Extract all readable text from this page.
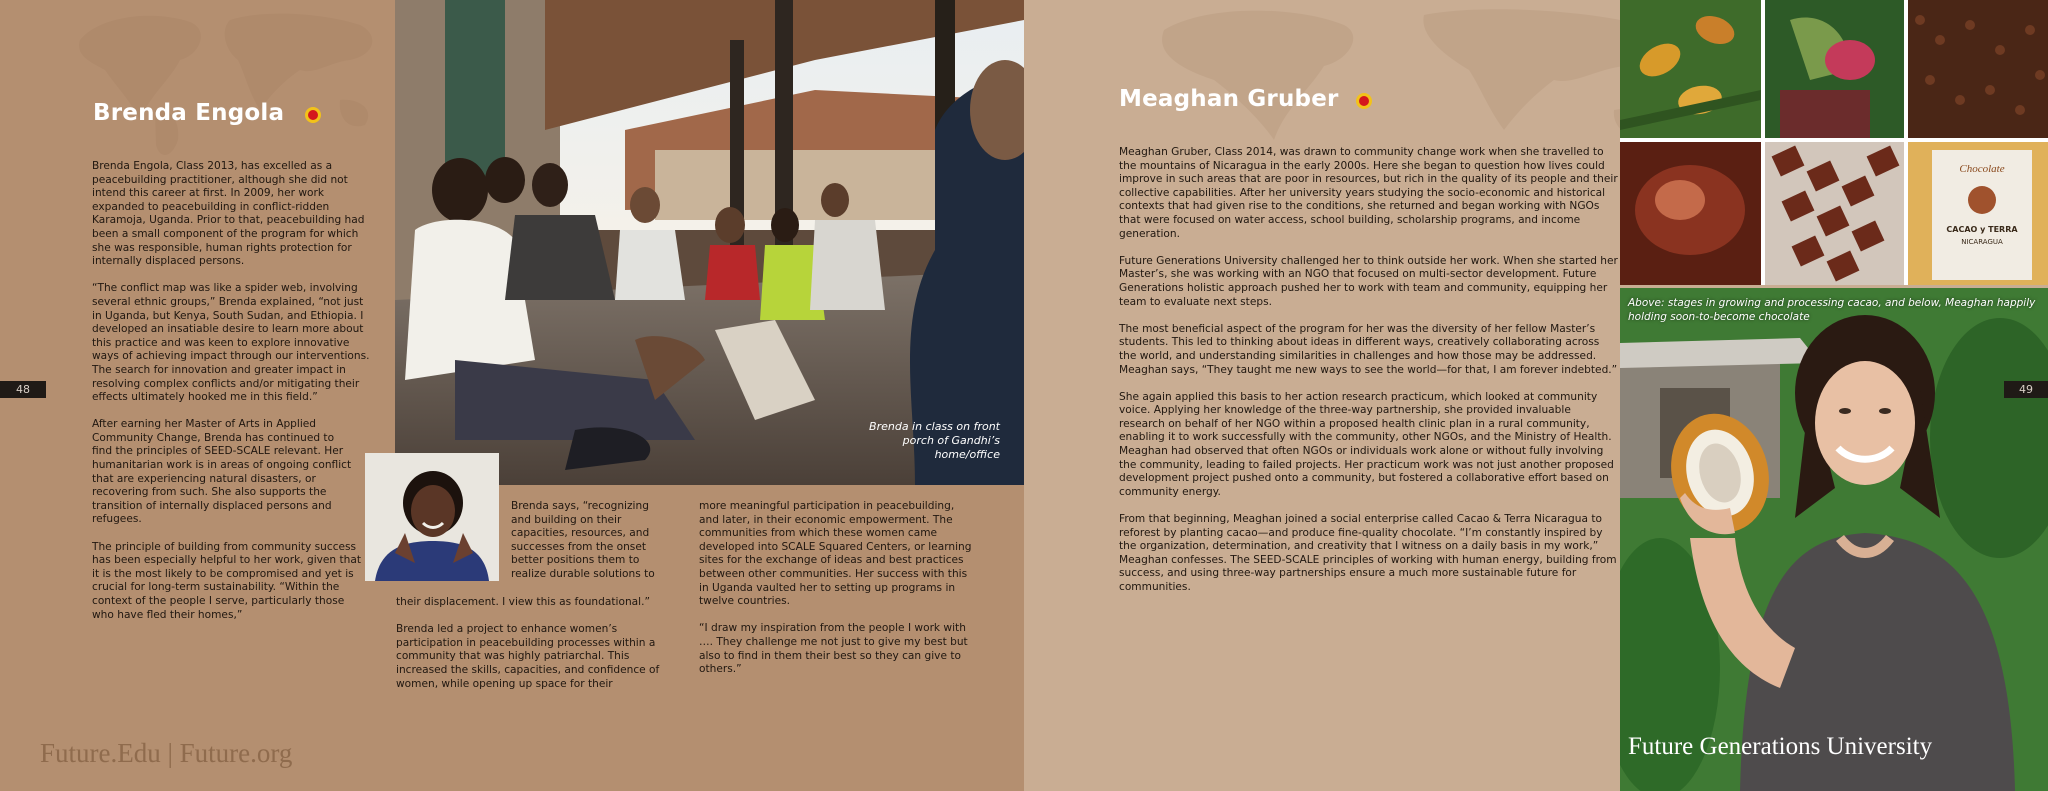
Brenda Engola

Brenda Engola, Class 2013, has excelled as a peacebuilding practitioner, although she did not intend this career at first. In 2009, her work expanded to peacebuilding in conflict-ridden Karamoja, Uganda. Prior to that, peacebuilding had been a small component of the program for which she was responsible, human rights protection for internally displaced persons.

“The conflict map was like a spider web, involving several ethnic groups,” Brenda explained, “not just in Uganda, but Kenya, South Sudan, and Ethiopia. I developed an insatiable desire to learn more about this practice and was keen to explore innovative ways of achieving impact through our interventions. The search for innovation and greater impact in resolving complex conflicts and/or mitigating their effects ultimately hooked me in this field.”

After earning her Master of Arts in Applied Community Change, Brenda has continued to find the principles of SEED-SCALE relevant. Her humanitarian work is in areas of ongoing conflict that are experiencing natural disasters, or recovering from such. She also supports the transition of internally displaced persons and refugees.

The principle of building from community success has been especially helpful to her work, given that it is the most likely to be compromised and yet is crucial for long-term sustainability. “Within the context of the people I serve, particularly those who have fled their homes,”

Brenda in class on front porch of Gandhi’s home/office

Brenda says, “recognizing and building on their capacities, resources, and successes from the onset better positions them to realize durable solutions to

their displacement. I view this as foundational.”

Brenda led a project to enhance women’s participation in peacebuilding processes within a community that was highly patriarchal. This increased the skills, capacities, and confidence of women, while opening up space for their

more meaningful participation in peacebuilding, and later, in their economic empowerment. The communities from which these women came developed into SCALE Squared Centers, or learning sites for the exchange of ideas and best practices between other communities. Her success with this in Uganda vaulted her to setting up programs in twelve countries.

“I draw my inspiration from the people I work with …. They challenge me not just to give my best but also to find in them their best so they can give to others.”

48
Future.Edu | Future.org
Meaghan Gruber

Meaghan Gruber, Class 2014, was drawn to community change work when she travelled to the mountains of Nicaragua in the early 2000s. Here she began to question how lives could improve in such areas that are poor in resources, but rich in the quality of its people and their collective capabilities. After her university years studying the socio-economic and historical contexts that had given rise to the conditions, she returned and began working with NGOs that were focused on water access, school building, scholarship programs, and income generation.

Future Generations University challenged her to think outside her work. When she started her Master’s, she was working with an NGO that focused on multi-sector development. Future Generations holistic approach pushed her to work with team and community, equipping her team to evaluate next steps.

The most beneficial aspect of the program for her was the diversity of her fellow Master’s students. This led to thinking about ideas in different ways, creatively collaborating across the world, and understanding similarities in challenges and how those may be addressed. Meaghan says, “They taught me new ways to see the world—for that, I am forever indebted.”

She again applied this basis to her action research practicum, which looked at community voice. Applying her knowledge of the three-way partnership, she provided invaluable research on behalf of her NGO within a proposed health clinic plan in a rural community, enabling it to work successfully with the community, other NGOs, and the Ministry of Health. Meaghan had observed that often NGOs or individuals work alone or without fully involving the community, leading to failed projects. Her practicum work was not just another proposed development project pushed onto a community, but fostered a collaborative effort based on community energy.

From that beginning, Meaghan joined a social enterprise called Cacao & Terra Nicaragua to reforest by planting cacao—and produce fine-quality chocolate. “I’m constantly inspired by the organization, determination, and creativity that I witness on a daily basis in my work,” Meaghan confesses. The SEED-SCALE principles of working with human energy, building from success, and using three-way partnerships ensure a much more sustainable future for communities.

Chocolate
CACAO y TERRA
NICARAGUA
Future Generations University
Above: stages in growing and processing cacao, and below, Meaghan happily holding soon-to-become chocolate
49
